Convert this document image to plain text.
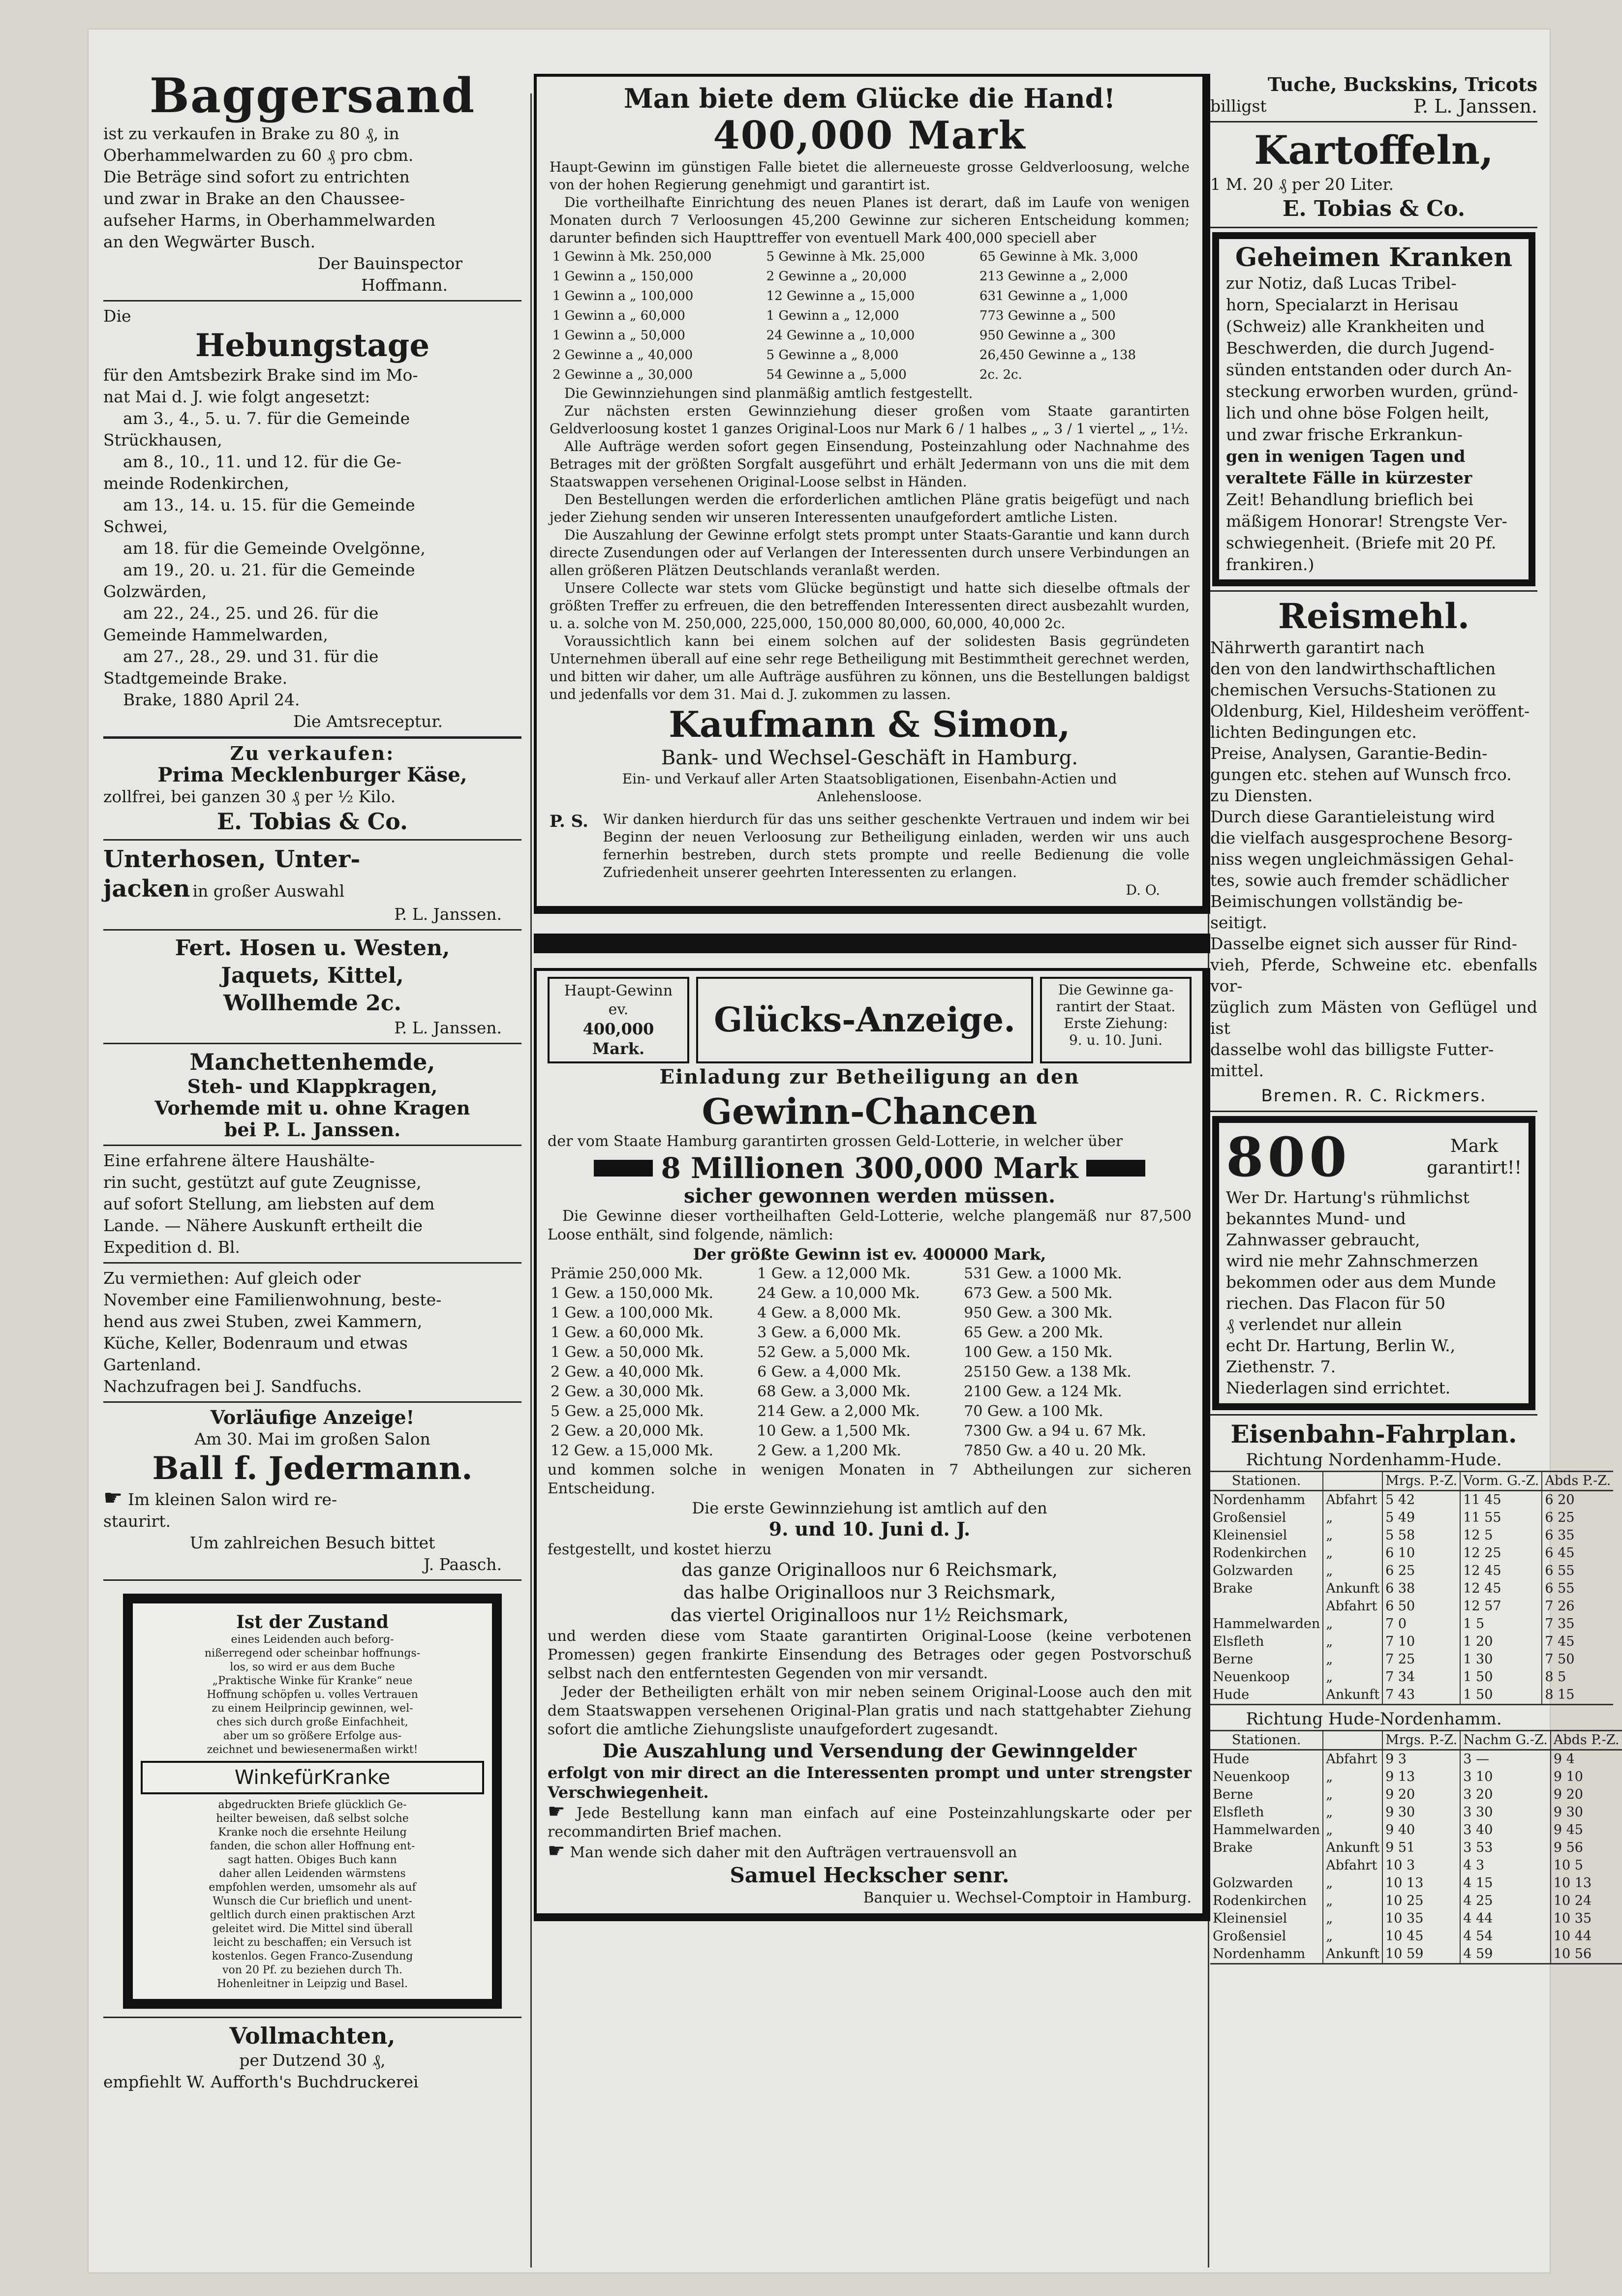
Baggersand

ist zu verkaufen in Brake zu 80 ₰, in

Oberhammelwarden zu 60 ₰ pro cbm.

Die Beträge sind sofort zu entrichten

und zwar in Brake an den Chaussee-

aufseher Harms, in Oberhammelwarden

an den Wegwärter Busch.

Der Bauinspector

Hoffmann.

Die

Hebungstage

für den Amtsbezirk Brake sind im Mo-

nat Mai d. J. wie folgt angesetzt:

am 3., 4., 5. u. 7. für die Gemeinde

Strückhausen,

am 8., 10., 11. und 12. für die Ge-

meinde Rodenkirchen,

am 13., 14. u. 15. für die Gemeinde

Schwei,

am 18. für die Gemeinde Ovelgönne,

am 19., 20. u. 21. für die Gemeinde

Golzwärden,

am 22., 24., 25. und 26. für die

Gemeinde Hammelwarden,

am 27., 28., 29. und 31. für die

Stadtgemeinde Brake.

Brake, 1880 April 24.

Die Amtsreceptur.

Zu verkaufen:
Prima Mecklenburger Käse,
zollfrei, bei ganzen 30 ₰ per ½ Kilo.
E. Tobias & Co.
Unterhosen, Unter-
jacken in großer Auswahl

P. L. Janssen.

Fert. Hosen u. Westen,
Jaquets, Kittel,
Wollhemde 2c.

P. L. Janssen.

Manchettenhemde,
Steh- und Klappkragen,
Vorhemde mit u. ohne Kragen
bei P. L. Janssen.

Eine erfahrene ältere Haushälte-

rin sucht, gestützt auf gute Zeugnisse,

auf sofort Stellung, am liebsten auf dem

Lande. — Nähere Auskunft ertheilt die

Expedition d. Bl.

Zu vermiethen: Auf gleich oder

November eine Familienwohnung, beste-

hend aus zwei Stuben, zwei Kammern,

Küche, Keller, Bodenraum und etwas

Gartenland.

Nachzufragen bei J. Sandfuchs.

Vorläufige Anzeige!
Am 30. Mai im großen Salon
Ball f. Jedermann.

☛ Im kleinen Salon wird re-

staurirt.

Um zahlreichen Besuch bittet

J. Paasch.

Ist der Zustand
eines Leidenden auch beforg-
nißerregend oder scheinbar hoffnungs-
los, so wird er aus dem Buche
„Praktische Winke für Kranke“ neue
Hoffnung schöpfen u. volles Vertrauen
zu einem Heilprincip gewinnen, wel-
ches sich durch große Einfachheit,
aber um so größere Erfolge aus-
zeichnet und bewiesenermaßen wirkt!
WinkefürKranke
abgedruckten Briefe glücklich Ge-
heilter beweisen, daß selbst solche
Kranke noch die ersehnte Heilung
fanden, die schon aller Hoffnung ent-
sagt hatten. Obiges Buch kann
daher allen Leidenden wärmstens
empfohlen werden, umsomehr als auf
Wunsch die Cur brieflich und unent-
geltlich durch einen praktischen Arzt
geleitet wird. Die Mittel sind überall
leicht zu beschaffen; ein Versuch ist
kostenlos. Gegen Franco-Zusendung
von 20 Pf. zu beziehen durch Th.
Hohenleitner in Leipzig und Basel.
Vollmachten,
per Dutzend 30 ₰,
empfiehlt W. Aufforth's Buchdruckerei
Man biete dem Glücke die Hand!
400,000 Mark

Haupt-Gewinn im günstigen Falle bietet die allerneueste grosse Geldverloosung, welche von der hohen Regierung genehmigt und garantirt ist.

Die vortheilhafte Einrichtung des neuen Planes ist derart, daß im Laufe von wenigen Monaten durch 7 Verloosungen 45,200 Gewinne zur sicheren Entscheidung kommen; darunter befinden sich Haupttreffer von eventuell Mark 400,000 speciell aber

1 Gewinn à Mk. 250,000	5 Gewinne à Mk. 25,000	65 Gewinne à Mk. 3,000
1 Gewinn a „ 150,000	2 Gewinne a „ 20,000	213 Gewinne a „ 2,000
1 Gewinn a „ 100,000	12 Gewinne a „ 15,000	631 Gewinne a „ 1,000
1 Gewinn a „ 60,000	1 Gewinn a „ 12,000	773 Gewinne a „ 500
1 Gewinn a „ 50,000	24 Gewinne a „ 10,000	950 Gewinne a „ 300
2 Gewinne a „ 40,000	5 Gewinne a „ 8,000	26,450 Gewinne a „ 138
2 Gewinne a „ 30,000	54 Gewinne a „ 5,000	2c. 2c.

Die Gewinnziehungen sind planmäßig amtlich festgestellt.

Zur nächsten ersten Gewinnziehung dieser großen vom Staate garantirten Geldverloosung kostet 1 ganzes Original-Loos nur Mark 6 / 1 halbes „ „ 3 / 1 viertel „ „ 1½.

Alle Aufträge werden sofort gegen Einsendung, Posteinzahlung oder Nachnahme des Betrages mit der größten Sorgfalt ausgeführt und erhält Jedermann von uns die mit dem Staatswappen versehenen Original-Loose selbst in Händen.

Den Bestellungen werden die erforderlichen amtlichen Pläne gratis beigefügt und nach jeder Ziehung senden wir unseren Interessenten unaufgefordert amtliche Listen.

Die Auszahlung der Gewinne erfolgt stets prompt unter Staats-Garantie und kann durch directe Zusendungen oder auf Verlangen der Interessenten durch unsere Verbindungen an allen größeren Plätzen Deutschlands veranlaßt werden.

Unsere Collecte war stets vom Glücke begünstigt und hatte sich dieselbe oftmals der größten Treffer zu erfreuen, die den betreffenden Interessenten direct ausbezahlt wurden, u. a. solche von M. 250,000, 225,000, 150,000 80,000, 60,000, 40,000 2c.

Voraussichtlich kann bei einem solchen auf der solidesten Basis gegründeten Unternehmen überall auf eine sehr rege Betheiligung mit Bestimmtheit gerechnet werden, und bitten wir daher, um alle Aufträge ausführen zu können, uns die Bestellungen baldigst und jedenfalls vor dem 31. Mai d. J. zukommen zu lassen.

Kaufmann & Simon,
Bank- und Wechsel-Geschäft in Hamburg.
Ein- und Verkauf aller Arten Staatsobligationen, Eisenbahn-Actien und Anlehensloose.
P. S. Wir danken hierdurch für das uns seither geschenkte Vertrauen und indem wir bei Beginn der neuen Verloosung zur Betheiligung einladen, werden wir uns auch fernerhin bestreben, durch stets prompte und reelle Bedienung die volle Zufriedenheit unserer geehrten Interessenten zu erlangen.

D. O.

Haupt-Gewinn
ev.
400,000 Mark.
Glücks-Anzeige.
Die Gewinne ga-
rantirt der Staat.
Erste Ziehung:
9. u. 10. Juni.
Einladung zur Betheiligung an den
Gewinn-Chancen

der vom Staate Hamburg garantirten grossen Geld-Lotterie, in welcher über

8 Millionen 300,000 Mark
sicher gewonnen werden müssen.

Die Gewinne dieser vortheilhaften Geld-Lotterie, welche plangemäß nur 87,500 Loose enthält, sind folgende, nämlich:

Der größte Gewinn ist ev. 400000 Mark,

Prämie 250,000 Mk.	1 Gew. a 12,000 Mk.	531 Gew. a 1000 Mk.
1 Gew. a 150,000 Mk.	24 Gew. a 10,000 Mk.	673 Gew. a 500 Mk.
1 Gew. a 100,000 Mk.	4 Gew. a 8,000 Mk.	950 Gew. a 300 Mk.
1 Gew. a 60,000 Mk.	3 Gew. a 6,000 Mk.	65 Gew. a 200 Mk.
1 Gew. a 50,000 Mk.	52 Gew. a 5,000 Mk.	100 Gew. a 150 Mk.
2 Gew. a 40,000 Mk.	6 Gew. a 4,000 Mk.	25150 Gew. a 138 Mk.
2 Gew. a 30,000 Mk.	68 Gew. a 3,000 Mk.	2100 Gew. a 124 Mk.
5 Gew. a 25,000 Mk.	214 Gew. a 2,000 Mk.	70 Gew. a 100 Mk.
2 Gew. a 20,000 Mk.	10 Gew. a 1,500 Mk.	7300 Gw. a 94 u. 67 Mk.
12 Gew. a 15,000 Mk.	2 Gew. a 1,200 Mk.	7850 Gw. a 40 u. 20 Mk.

und kommen solche in wenigen Monaten in 7 Abtheilungen zur sicheren Entscheidung.

Die erste Gewinnziehung ist amtlich auf den

9. und 10. Juni d. J.

festgestellt, und kostet hierzu

das ganze Originalloos nur 6 Reichsmark,

das halbe Originalloos nur 3 Reichsmark,

das viertel Originalloos nur 1½ Reichsmark,

und werden diese vom Staate garantirten Original-Loose (keine verbotenen Promessen) gegen frankirte Einsendung des Betrages oder gegen Postvorschuß selbst nach den entferntesten Gegenden von mir versandt.

Jeder der Betheiligten erhält von mir neben seinem Original-Loose auch den mit dem Staatswappen versehenen Original-Plan gratis und nach stattgehabter Ziehung sofort die amtliche Ziehungsliste unaufgefordert zugesandt.

Die Auszahlung und Versendung der Gewinngelder

erfolgt von mir direct an die Interessenten prompt und unter strengster Verschwiegenheit.

☛ Jede Bestellung kann man einfach auf eine Posteinzahlungskarte oder per recommandirten Brief machen.

☛ Man wende sich daher mit den Aufträgen vertrauensvoll an

Samuel Heckscher senr.

Banquier u. Wechsel-Comptoir in Hamburg.

Tuche, Buckskins, Tricots
billigst	P. L. Janssen.
Kartoffeln,
1 M. 20 ₰ per 20 Liter.
E. Tobias & Co.
Geheimen Kranken

zur Notiz, daß Lucas Tribel-

horn, Specialarzt in Herisau

(Schweiz) alle Krankheiten und

Beschwerden, die durch Jugend-

sünden entstanden oder durch An-

steckung erworben wurden, gründ-

lich und ohne böse Folgen heilt,

und zwar frische Erkrankun-

gen in wenigen Tagen und

veraltete Fälle in kürzester

Zeit! Behandlung brieflich bei

mäßigem Honorar! Strengste Ver-

schwiegenheit. (Briefe mit 20 Pf.

frankiren.)

Reismehl.

Nährwerth garantirt nach

den von den landwirthschaftlichen

chemischen Versuchs-Stationen zu

Oldenburg, Kiel, Hildesheim veröffent-

lichten Bedingungen etc.

Preise, Analysen, Garantie-Bedin-

gungen etc. stehen auf Wunsch frco.

zu Diensten.

Durch diese Garantieleistung wird

die vielfach ausgesprochene Besorg-

niss wegen ungleichmässigen Gehal-

tes, sowie auch fremder schädlicher

Beimischungen vollständig be-

seitigt.

Dasselbe eignet sich ausser für Rind-

vieh, Pferde, Schweine etc. ebenfalls vor-

züglich zum Mästen von Geflügel und ist

dasselbe wohl das billigste Futter-

mittel.

Bremen. R. C. Rickmers.
800	Mark
garantirt!!

Wer Dr. Hartung's rühmlichst

bekanntes Mund- und

Zahnwasser gebraucht,

wird nie mehr Zahnschmerzen

bekommen oder aus dem Munde

riechen. Das Flacon für 50

₰ verlendet nur allein

echt Dr. Hartung, Berlin W.,

Ziethenstr. 7.

Niederlagen sind errichtet.

Eisenbahn-Fahrplan.
Richtung Nordenhamm-Hude.
Stationen.		Mrgs. P.-Z.	Vorm. G.-Z.	Abds P.-Z.
Nordenhamm	Abfahrt	5 42	11 45	6 20
Großensiel	„	5 49	11 55	6 25
Kleinensiel	„	5 58	12 5	6 35
Rodenkirchen	„	6 10	12 25	6 45
Golzwarden	„	6 25	12 45	6 55
Brake	Ankunft	6 38	12 45	6 55
	Abfahrt	6 50	12 57	7 26
Hammelwarden	„	7 0	1 5	7 35
Elsfleth	„	7 10	1 20	7 45
Berne	„	7 25	1 30	7 50
Neuenkoop	„	7 34	1 50	8 5
Hude	Ankunft	7 43	1 50	8 15
Richtung Hude-Nordenhamm.
Stationen.		Mrgs. P.-Z.	Nachm G.-Z.	Abds P.-Z.
Hude	Abfahrt	9 3	3 —	9 4
Neuenkoop	„	9 13	3 10	9 10
Berne	„	9 20	3 20	9 20
Elsfleth	„	9 30	3 30	9 30
Hammelwarden	„	9 40	3 40	9 45
Brake	Ankunft	9 51	3 53	9 56
	Abfahrt	10 3	4 3	10 5
Golzwarden	„	10 13	4 15	10 13
Rodenkirchen	„	10 25	4 25	10 24
Kleinensiel	„	10 35	4 44	10 35
Großensiel	„	10 45	4 54	10 44
Nordenhamm	Ankunft	10 59	4 59	10 56
